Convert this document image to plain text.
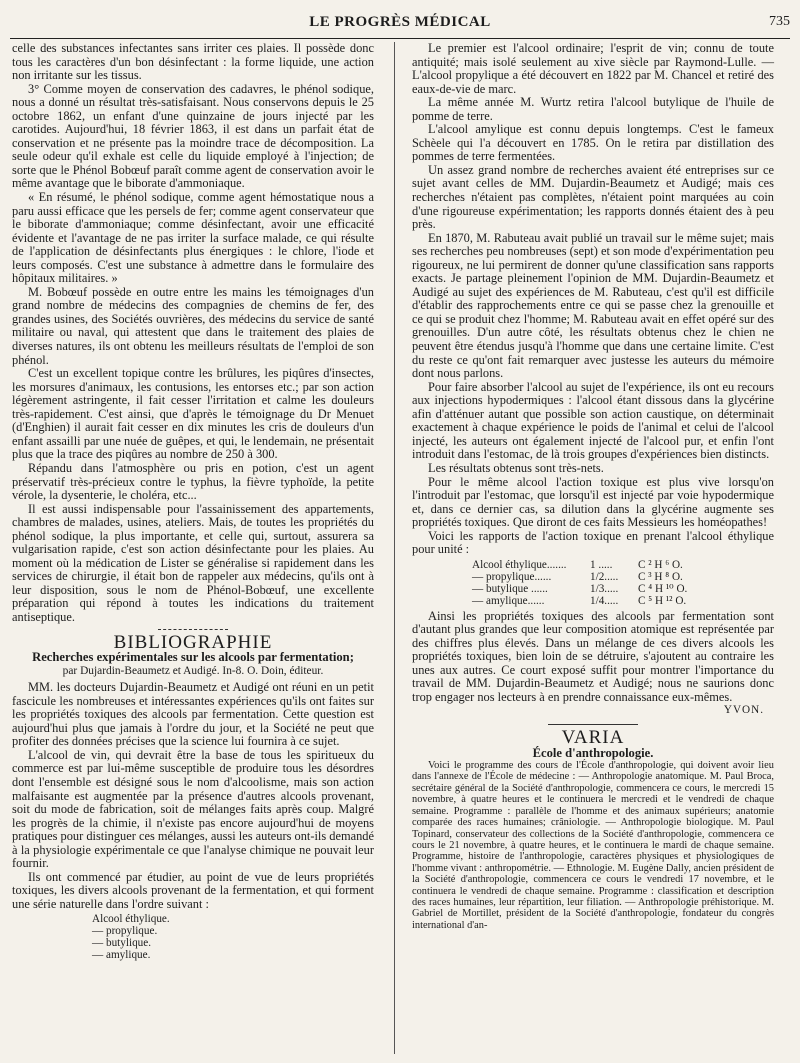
LE PROGRÈS MÉDICAL	735

celle des substances infectantes sans irriter ces plaies. Il possède donc tous les caractères d'un bon désinfectant : la forme liquide, une action non irritante sur les tissus.

3° Comme moyen de conservation des cadavres, le phénol sodique, nous a donné un résultat très-satisfaisant. Nous conservons depuis le 25 octobre 1862, un enfant d'une quinzaine de jours injecté par les carotides. Aujourd'hui, 18 février 1863, il est dans un parfait état de conservation et ne présente pas la moindre trace de décomposition. La seule odeur qu'il exhale est celle du liquide employé à l'injection; de sorte que le Phénol Bobœuf paraît comme agent de conservation avoir le même avantage que le biborate d'ammoniaque.

« En résumé, le phénol sodique, comme agent hémostatique nous a paru aussi efficace que les persels de fer; comme agent conservateur que le biborate d'ammoniaque; comme désinfectant, avoir une efficacité évidente et l'avantage de ne pas irriter la surface malade, ce qui résulte de l'application de désinfectants plus énergiques : le chlore, l'iode et leurs composés. C'est une substance à admettre dans le formulaire des hôpitaux militaires. »

M. Bobœuf possède en outre entre les mains les témoignages d'un grand nombre de médecins des compagnies de chemins de fer, des grandes usines, des Sociétés ouvrières, des médecins du service de santé militaire ou naval, qui attestent que dans le traitement des plaies de diverses natures, ils ont obtenu les meilleurs résultats de l'emploi de son phénol.

C'est un excellent topique contre les brûlures, les piqûres d'insectes, les morsures d'animaux, les contusions, les entorses etc.; par son action légèrement astringente, il fait cesser l'irritation et calme les douleurs très-rapidement. C'est ainsi, que d'après le témoignage du Dr Menuet (d'Enghien) il aurait fait cesser en dix minutes les cris de douleurs d'un enfant assailli par une nuée de guêpes, et qui, le lendemain, ne présentait plus que la trace des piqûres au nombre de 250 à 300.

Répandu dans l'atmosphère ou pris en potion, c'est un agent préservatif très-précieux contre le typhus, la fièvre typhoïde, la petite vérole, la dysenterie, le choléra, etc...

Il est aussi indispensable pour l'assainissement des appartements, chambres de malades, usines, ateliers. Mais, de toutes les propriétés du phénol sodique, la plus importante, et celle qui, surtout, assurera sa vulgarisation rapide, c'est son action désinfectante pour les plaies. Au moment où la médication de Lister se généralise si rapidement dans les services de chirurgie, il était bon de rappeler aux médecins, qu'ils ont à leur disposition, sous le nom de Phénol-Bobœuf, une excellente préparation qui répond à toutes les indications du traitement antiseptique.

BIBLIOGRAPHIE
Recherches expérimentales sur les alcools par fermentation;
par Dujardin-Beaumetz et Audigé. In-8. O. Doin, éditeur.

MM. les docteurs Dujardin-Beaumetz et Audigé ont réuni en un petit fascicule les nombreuses et intéressantes expériences qu'ils ont faites sur les propriétés toxiques des alcools par fermentation. Cette question est aujourd'hui plus que jamais à l'ordre du jour, et la Société ne peut que profiter des données précises que la science lui fournira à ce sujet.

L'alcool de vin, qui devrait être la base de tous les spiritueux du commerce est par lui-même susceptible de produire tous les désordres dont l'ensemble est désigné sous le nom d'alcoolisme, mais son action malfaisante est augmentée par la présence d'autres alcools provenant, soit du mode de fabrication, soit de mélanges faits après coup. Malgré les progrès de la chimie, il n'existe pas encore aujourd'hui de moyens pratiques pour distinguer ces mélanges, aussi les auteurs ont-ils demandé à la physiologie expérimentale ce que l'analyse chimique ne pouvait leur fournir.

Ils ont commencé par étudier, au point de vue de leurs propriétés toxiques, les divers alcools provenant de la fermentation, et qui forment une série naturelle dans l'ordre suivant :

Alcool éthylique.
— propylique.
— butylique.
— amylique.

Le premier est l'alcool ordinaire; l'esprit de vin; connu de toute antiquité; mais isolé seulement au xive siècle par Raymond-Lulle. — L'alcool propylique a été découvert en 1822 par M. Chancel et retiré des eaux-de-vie de marc.

La même année M. Wurtz retira l'alcool butylique de l'huile de pomme de terre.

L'alcool amylique est connu depuis longtemps. C'est le fameux Schèele qui l'a découvert en 1785. On le retira par distillation des pommes de terre fermentées.

Un assez grand nombre de recherches avaient été entreprises sur ce sujet avant celles de MM. Dujardin-Beaumetz et Audigé; mais ces recherches n'étaient pas complètes, n'étaient point marquées au coin d'une rigoureuse expérimentation; les rapports donnés étaient des à peu près.

En 1870, M. Rabuteau avait publié un travail sur le même sujet; mais ses recherches peu nombreuses (sept) et son mode d'expérimentation peu rigoureux, ne lui permirent de donner qu'une classification sans rapports exacts. Je partage pleinement l'opinion de MM. Dujardin-Beaumetz et Audigé au sujet des expériences de M. Rabuteau, c'est qu'il est difficile d'établir des rapprochements entre ce qui se passe chez la grenouille et ce qui se produit chez l'homme; M. Rabuteau avait en effet opéré sur des grenouilles. D'un autre côté, les résultats obtenus chez le chien ne peuvent être étendus jusqu'à l'homme que dans une certaine limite. C'est du reste ce qu'ont fait remarquer avec justesse les auteurs du mémoire dont nous parlons.

Pour faire absorber l'alcool au sujet de l'expérience, ils ont eu recours aux injections hypodermiques : l'alcool étant dissous dans la glycérine afin d'atténuer autant que possible son action caustique, on déterminait exactement à chaque expérience le poids de l'animal et celui de l'alcool injecté, les auteurs ont également injecté de l'alcool pur, et enfin l'ont introduit dans l'estomac, de là trois groupes d'expériences bien distincts.

Les résultats obtenus sont très-nets.

Pour le même alcool l'action toxique est plus vive lorsqu'on l'introduit par l'estomac, que lorsqu'il est injecté par voie hypodermique et, dans ce dernier cas, sa dilution dans la glycérine augmente ses propriétés toxiques. Que diront de ces faits Messieurs les homéopathes!

Voici les rapports de l'action toxique en prenant l'alcool éthylique pour unité :

Alcool éthylique.......	1 .....	C ² H ⁶ O.
— propylique......	1/2.....	C ³ H ⁸ O.
— butylique ......	1/3.....	C ⁴ H ¹⁰ O.
— amylique......	1/4.....	C ⁵ H ¹² O.

Ainsi les propriétés toxiques des alcools par fermentation sont d'autant plus grandes que leur composition atomique est représentée par des chiffres plus élevés. Dans un mélange de ces divers alcools les propriétés toxiques, bien loin de se détruire, s'ajoutent au contraire les unes aux autres. Ce court exposé suffit pour montrer l'importance du travail de MM. Dujardin-Beaumetz et Audigé; nous ne saurions donc trop engager nos lecteurs à en prendre connaissance eux-mêmes.

YVON.
VARIA
École d'anthropologie.

Voici le programme des cours de l'École d'anthropologie, qui doivent avoir lieu dans l'annexe de l'École de médecine : — Anthropologie anatomique. M. Paul Broca, secrétaire général de la Société d'anthropologie, commencera ce cours, le mercredi 15 novembre, à quatre heures et le continuera le mercredi et le vendredi de chaque semaine. Programme : parallèle de l'homme et des animaux supérieurs; anatomie comparée des races humaines; crâniologie. — Anthropologie biologique. M. Paul Topinard, conservateur des collections de la Société d'anthropologie, commencera ce cours le 21 novembre, à quatre heures, et le continuera le mardi de chaque semaine. Programme, histoire de l'anthropologie, caractères physiques et physiologiques de l'homme vivant : anthropométrie. — Ethnologie. M. Eugène Dally, ancien président de la Société d'anthropologie, commencera ce cours le vendredi 17 novembre, et le continuera le vendredi de chaque semaine. Programme : classification et description des races humaines, leur répartition, leur filiation. — Anthropologie préhistorique. M. Gabriel de Mortillet, président de la Société d'anthropologie, fondateur du congrès international d'an-
